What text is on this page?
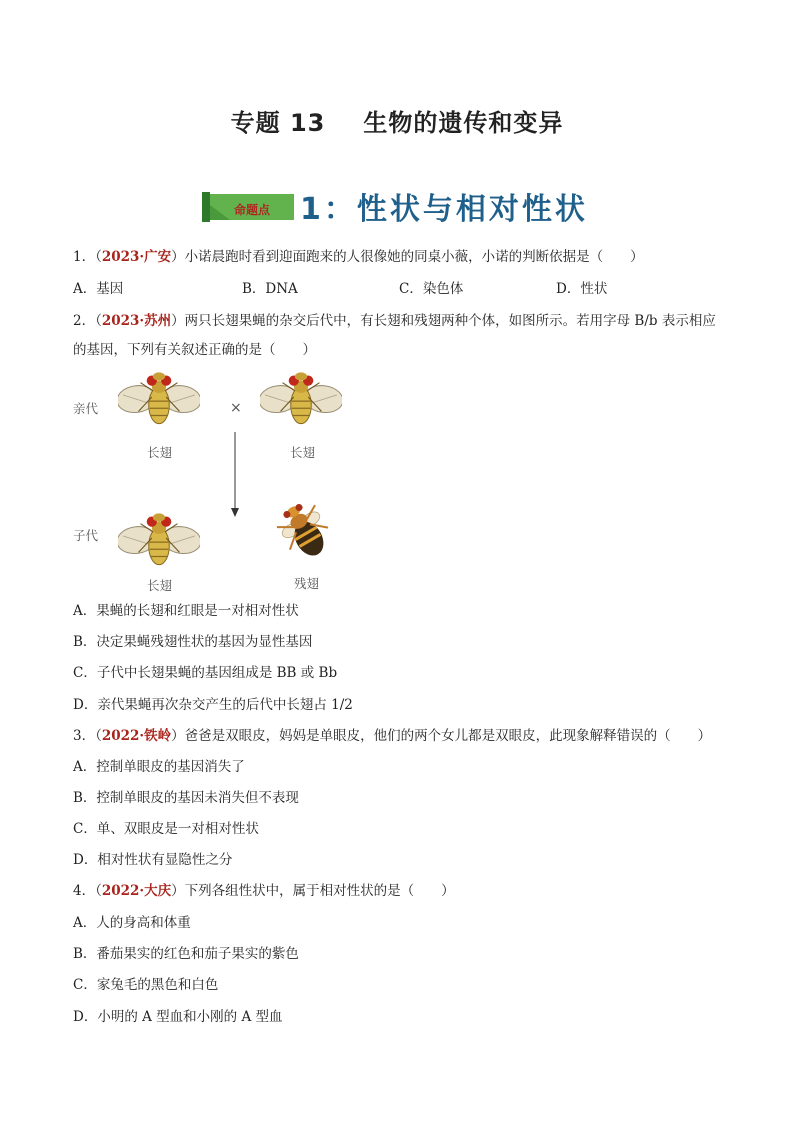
专题 13 生物的遗传和变异
命题点 1：性状与相对性状
1．（2023·广安）小诺晨跑时看到迎面跑来的人很像她的同桌小薇，小诺的判断依据是（　　）
A．基因	B．DNA	C．染色体	D．性状
2．（2023·苏州）两只长翅果蝇的杂交后代中，有长翅和残翅两种个体，如图所示。若用字母 B/b 表示相应
的基因，下列有关叙述正确的是（　　）
亲代	×
长翅	长翅
子代
长翅	残翅
A．果蝇的长翅和红眼是一对相对性状
B．决定果蝇残翅性状的基因为显性基因
C．子代中长翅果蝇的基因组成是 BB 或 Bb
D．亲代果蝇再次杂交产生的后代中长翅占 1/2
3．（2022·铁岭）爸爸是双眼皮，妈妈是单眼皮，他们的两个女儿都是双眼皮，此现象解释错误的（　　）
A．控制单眼皮的基因消失了
B．控制单眼皮的基因未消失但不表现
C．单、双眼皮是一对相对性状
D．相对性状有显隐性之分
4．（2022·大庆）下列各组性状中，属于相对性状的是（　　）
A．人的身高和体重
B．番茄果实的红色和茄子果实的紫色
C．家兔毛的黑色和白色
D．小明的 A 型血和小刚的 A 型血
